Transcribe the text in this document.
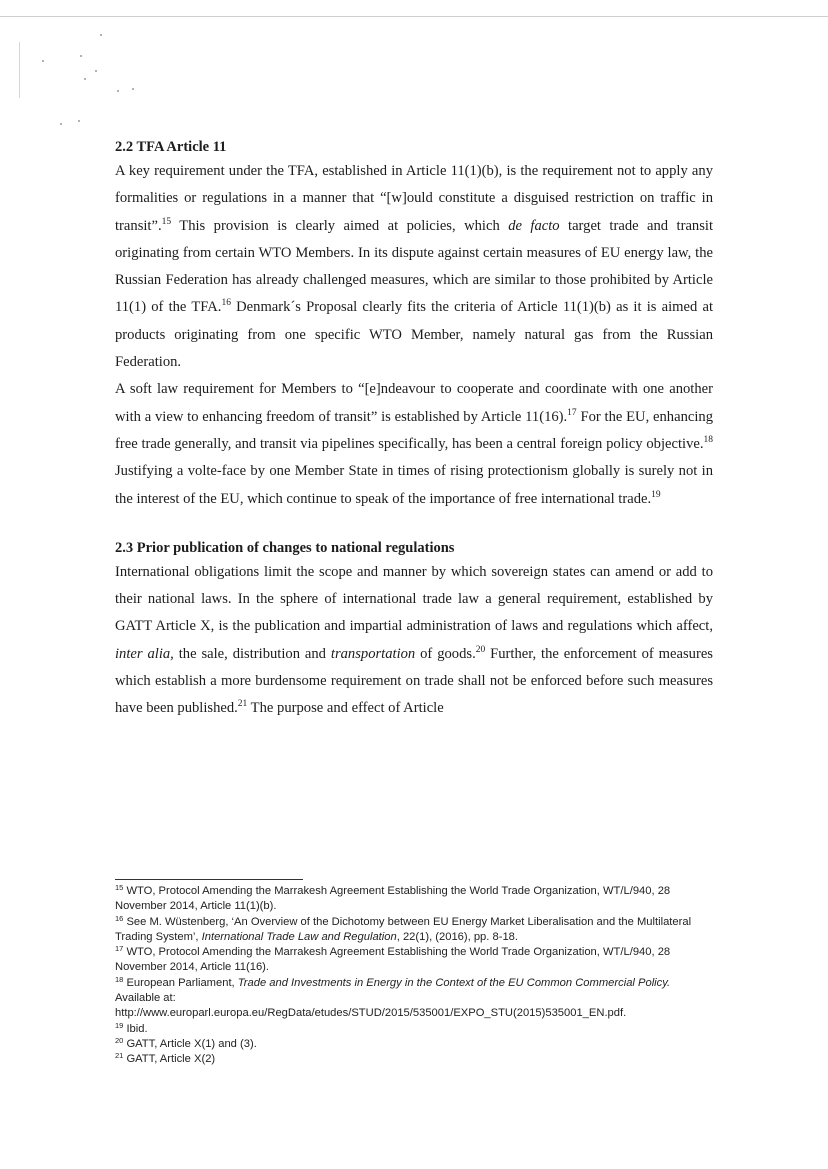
2.2 TFA Article 11

A key requirement under the TFA, established in Article 11(1)(b), is the requirement not to apply any formalities or regulations in a manner that “[w]ould constitute a disguised restriction on traffic in transit”.$^{15}$ This provision is clearly aimed at policies, which de facto target trade and transit originating from certain WTO Members. In its dispute against certain measures of EU energy law, the Russian Federation has already challenged measures, which are similar to those prohibited by Article 11(1) of the TFA.$^{16}$ Denmark´s Proposal clearly fits the criteria of Article 11(1)(b) as it is aimed at products originating from one specific WTO Member, namely natural gas from the Russian Federation.

A soft law requirement for Members to “[e]ndeavour to cooperate and coordinate with one another with a view to enhancing freedom of transit” is established by Article 11(16).$^{17}$ For the EU, enhancing free trade generally, and transit via pipelines specifically, has been a central foreign policy objective.$^{18}$ Justifying a volte-face by one Member State in times of rising protectionism globally is surely not in the interest of the EU, which continue to speak of the importance of free international trade.$^{19}$

2.3 Prior publication of changes to national regulations

International obligations limit the scope and manner by which sovereign states can amend or add to their national laws. In the sphere of international trade law a general requirement, established by GATT Article X, is the publication and impartial administration of laws and regulations which affect, inter alia, the sale, distribution and transportation of goods.$^{20}$ Further, the enforcement of measures which establish a more burdensome requirement on trade shall not be enforced before such measures have been published.$^{21}$ The purpose and effect of Article

$^{15}$ WTO, Protocol Amending the Marrakesh Agreement Establishing the World Trade Organization, WT/L/940, 28 November 2014, Article 11(1)(b).

$^{16}$ See M. Wüstenberg, ‘An Overview of the Dichotomy between EU Energy Market Liberalisation and the Multilateral Trading System’, International Trade Law and Regulation, 22(1), (2016), pp. 8-18.

$^{17}$ WTO, Protocol Amending the Marrakesh Agreement Establishing the World Trade Organization, WT/L/940, 28 November 2014, Article 11(16).

$^{18}$ European Parliament, Trade and Investments in Energy in the Context of the EU Common Commercial Policy. Available at:
http://www.europarl.europa.eu/RegData/etudes/STUD/2015/535001/EXPO_STU(2015)535001_EN.pdf.

$^{19}$ Ibid.

$^{20}$ GATT, Article X(1) and (3).

$^{21}$ GATT, Article X(2)
